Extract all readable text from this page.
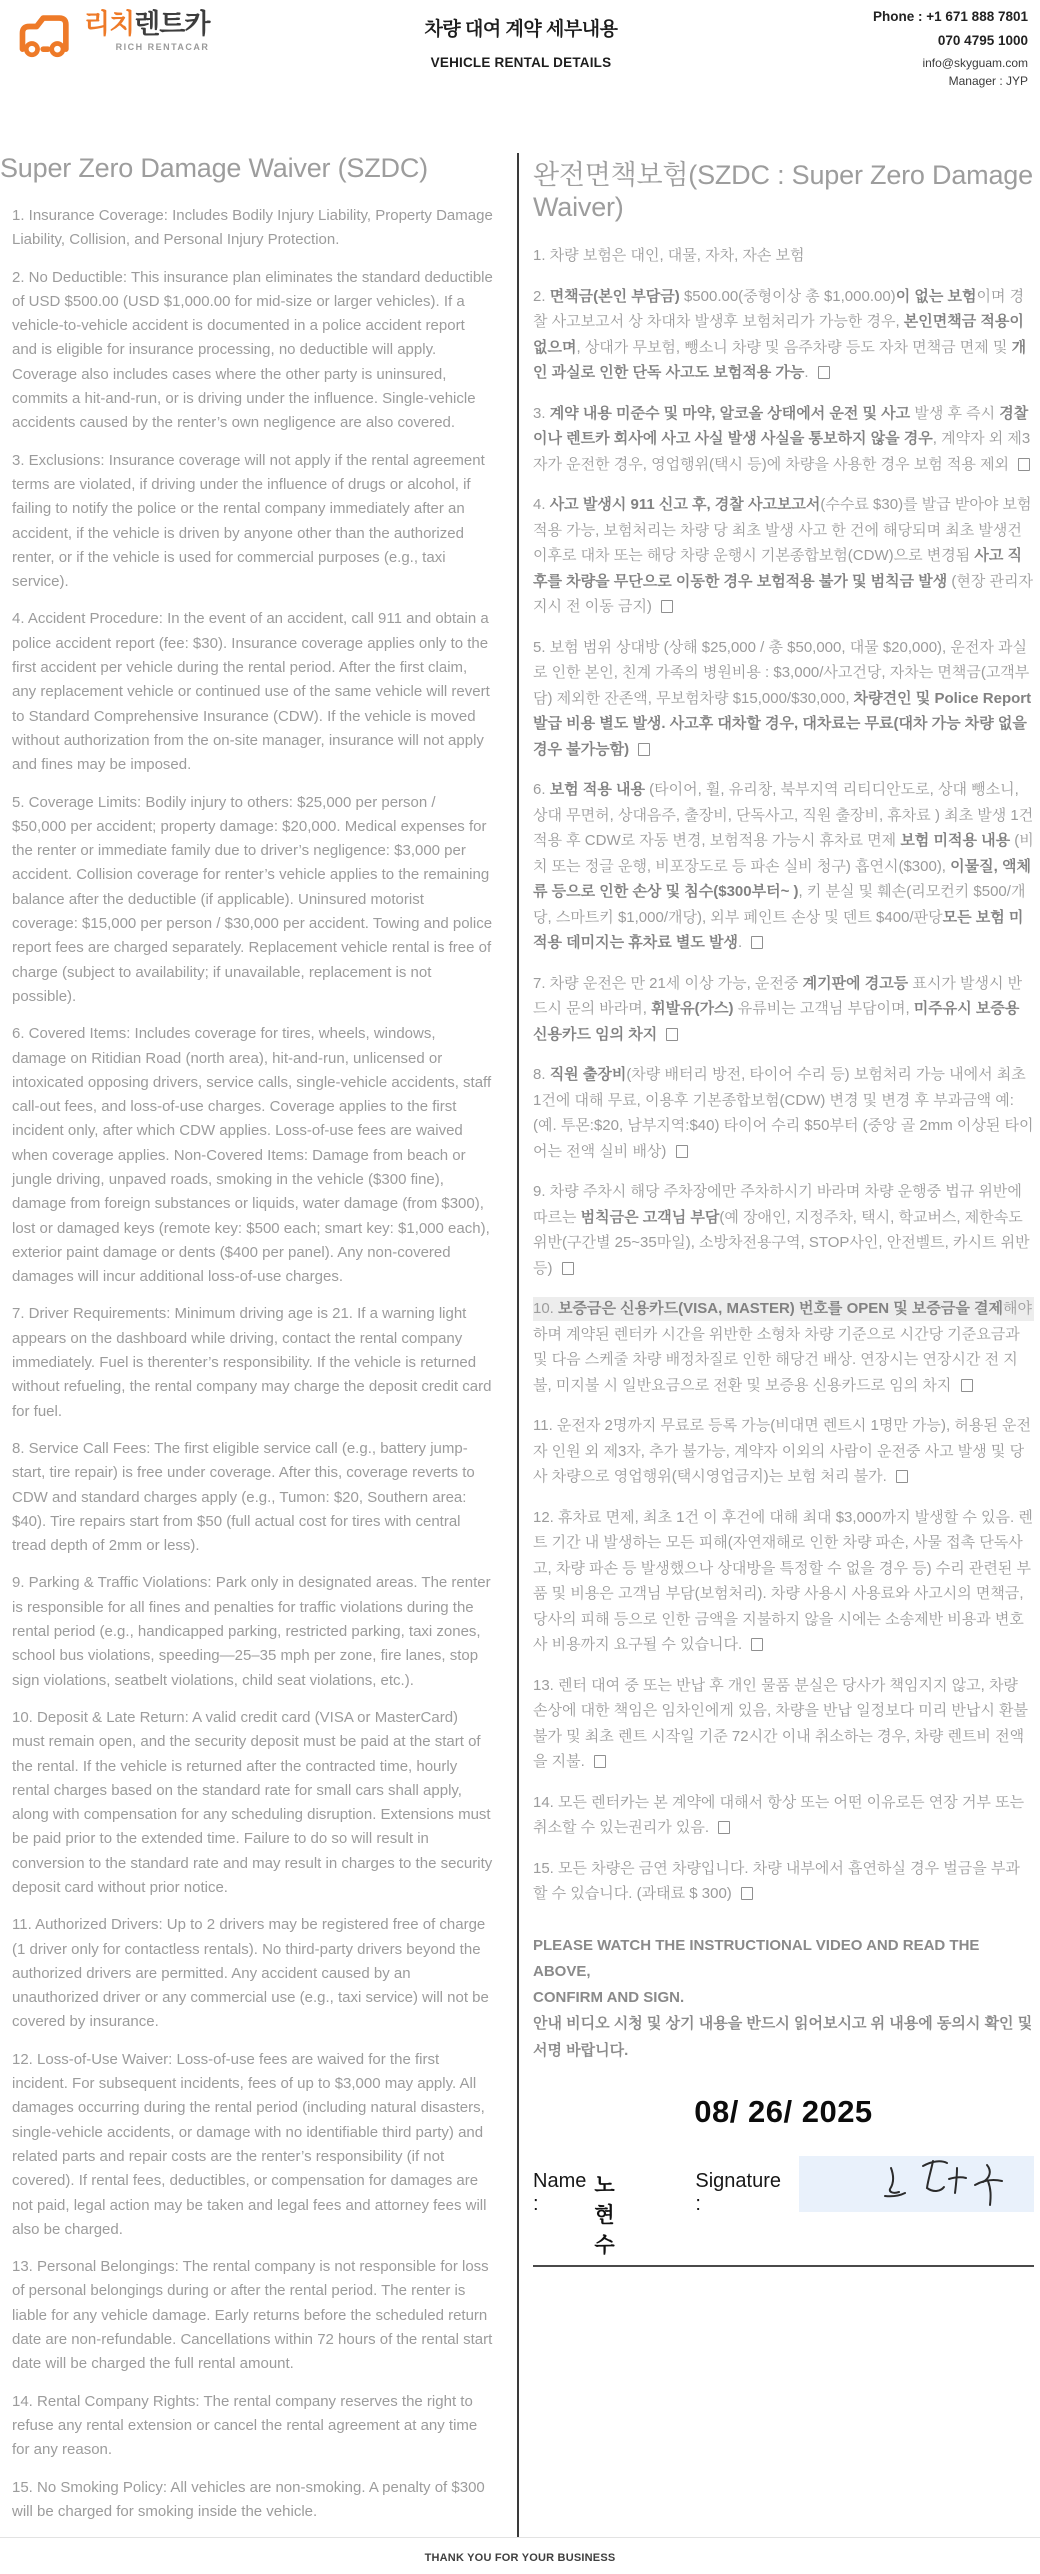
리치렌트카
RICH RENTACAR
차량 대여 계약 세부내용
VEHICLE RENTAL DETAILS
Phone : +1 671 888 7801
070 4795 1000
info@skyguam.com
Manager : JYP
Super Zero Damage Waiver (SZDC)

1. Insurance Coverage: Includes Bodily Injury Liability, Property Damage Liability, Collision, and Personal Injury Protection.

2. No Deductible: This insurance plan eliminates the standard deductible of USD $500.00 (USD $1,000.00 for mid-size or larger vehicles). If a vehicle-to-vehicle accident is documented in a police accident report and is eligible for insurance processing, no deductible will apply. Coverage also includes cases where the other party is uninsured, commits a hit-and-run, or is driving under the influence. Single-vehicle accidents caused by the renter’s own negligence are also covered.

3. Exclusions: Insurance coverage will not apply if the rental agreement terms are violated, if driving under the influence of drugs or alcohol, if failing to notify the police or the rental company immediately after an accident, if the vehicle is driven by anyone other than the authorized renter, or if the vehicle is used for commercial purposes (e.g., taxi service).

4. Accident Procedure: In the event of an accident, call 911 and obtain a police accident report (fee: $30). Insurance coverage applies only to the first accident per vehicle during the rental period. After the first claim, any replacement vehicle or continued use of the same vehicle will revert to Standard Comprehensive Insurance (CDW). If the vehicle is moved without authorization from the on-site manager, insurance will not apply and fines may be imposed.

5. Coverage Limits: Bodily injury to others: $25,000 per person / $50,000 per accident; property damage: $20,000. Medical expenses for the renter or immediate family due to driver’s negligence: $3,000 per accident. Collision coverage for renter’s vehicle applies to the remaining balance after the deductible (if applicable). Uninsured motorist coverage: $15,000 per person / $30,000 per accident. Towing and police report fees are charged separately. Replacement vehicle rental is free of charge (subject to availability; if unavailable, replacement is not possible).

6. Covered Items: Includes coverage for tires, wheels, windows, damage on Ritidian Road (north area), hit-and-run, unlicensed or intoxicated opposing drivers, service calls, single-vehicle accidents, staff call-out fees, and loss-of-use charges. Coverage applies to the first incident only, after which CDW applies. Loss-of-use fees are waived when coverage applies. Non-Covered Items: Damage from beach or jungle driving, unpaved roads, smoking in the vehicle ($300 fine), damage from foreign substances or liquids, water damage (from $300), lost or damaged keys (remote key: $500 each; smart key: $1,000 each), exterior paint damage or dents ($400 per panel). Any non-covered damages will incur additional loss-of-use charges.

7. Driver Requirements: Minimum driving age is 21. If a warning light appears on the dashboard while driving, contact the rental company immediately. Fuel is therenter’s responsibility. If the vehicle is returned without refueling, the rental company may charge the deposit credit card for fuel.

8. Service Call Fees: The first eligible service call (e.g., battery jump-start, tire repair) is free under coverage. After this, coverage reverts to CDW and standard charges apply (e.g., Tumon: $20, Southern area: $40). Tire repairs start from $50 (full actual cost for tires with central tread depth of 2mm or less).

9. Parking & Traffic Violations: Park only in designated areas. The renter is responsible for all fines and penalties for traffic violations during the rental period (e.g., handicapped parking, restricted parking, taxi zones, school bus violations, speeding—25–35 mph per zone, fire lanes, stop sign violations, seatbelt violations, child seat violations, etc.).

10. Deposit & Late Return: A valid credit card (VISA or MasterCard) must remain open, and the security deposit must be paid at the start of the rental. If the vehicle is returned after the contracted time, hourly rental charges based on the standard rate for small cars shall apply, along with compensation for any scheduling disruption. Extensions must be paid prior to the extended time. Failure to do so will result in conversion to the standard rate and may result in charges to the security deposit card without prior notice.

11. Authorized Drivers: Up to 2 drivers may be registered free of charge (1 driver only for contactless rentals). No third-party drivers beyond the authorized drivers are permitted. Any accident caused by an unauthorized driver or any commercial use (e.g., taxi service) will not be covered by insurance.

12. Loss-of-Use Waiver: Loss-of-use fees are waived for the first incident. For subsequent incidents, fees of up to $3,000 may apply. All damages occurring during the rental period (including natural disasters, single-vehicle accidents, or damage with no identifiable third party) and related parts and repair costs are the renter’s responsibility (if not covered). If rental fees, deductibles, or compensation for damages are not paid, legal action may be taken and legal fees and attorney fees will also be charged.

13. Personal Belongings: The rental company is not responsible for loss of personal belongings during or after the rental period. The renter is liable for any vehicle damage. Early returns before the scheduled return date are non-refundable. Cancellations within 72 hours of the rental start date will be charged the full rental amount.

14. Rental Company Rights: The rental company reserves the right to refuse any rental extension or cancel the rental agreement at any time for any reason.

15. No Smoking Policy: All vehicles are non-smoking. A penalty of $300 will be charged for smoking inside the vehicle.

완전면책보험(SZDC : Super Zero Damage Waiver)

1. 차량 보험은 대인, 대물, 자차, 자손 보험

2. 면책금(본인 부담금) $500.00(중형이상 총 $1,000.00)이 없는 보험이며 경찰 사고보고서 상 차대차 발생후 보험처리가 가능한 경우, 본인면책금 적용이 없으며, 상대가 무보험, 뺑소니 차량 및 음주차량 등도 자차 면책금 면제 및 개인 과실로 인한 단독 사고도 보험적용 가능.

3. 계약 내용 미준수 및 마약, 알코올 상태에서 운전 및 사고 발생 후 즉시 경찰이나 렌트카 회사에 사고 사실 발생 사실을 통보하지 않을 경우, 계약자 외 제3자가 운전한 경우, 영업행위(택시 등)에 차량을 사용한 경우 보험 적용 제외

4. 사고 발생시 911 신고 후, 경찰 사고보고서(수수료 $30)를 발급 받아야 보험 적용 가능, 보험처리는 차량 당 최초 발생 사고 한 건에 해당되며 최초 발생건 이후로 대차 또는 해당 차량 운행시 기본종합보험(CDW)으로 변경됨 사고 직후를 차량을 무단으로 이동한 경우 보험적용 불가 및 범칙금 발생 (현장 관리자 지시 전 이동 금지)

5. 보험 범위 상대방 (상해 $25,000 / 총 $50,000, 대물 $20,000), 운전자 과실로 인한 본인, 친계 가족의 병원비용 : $3,000/사고건당, 자차는 면책금(고객부담) 제외한 잔존액, 무보험차량 $15,000/$30,000, 차량견인 및 Police Report 발급 비용 별도 발생. 사고후 대차할 경우, 대차료는 무료(대차 가능 차량 없을 경우 불가능함)

6. 보험 적용 내용 (타이어, 휠, 유리창, 북부지역 리티디안도로, 상대 뺑소니, 상대 무면허, 상대음주, 출장비, 단독사고, 직원 출장비, 휴차료 ) 최초 발생 1건 적용 후 CDW로 자동 변경, 보험적용 가능시 휴차료 면제 보험 미적용 내용 (비치 또는 정글 운행, 비포장도로 등 파손 실비 청구) 흡연시($300), 이물질, 액체류 등으로 인한 손상 및 침수($300부터~ ), 키 분실 및 훼손(리모컨키 $500/개당, 스마트키 $1,000/개당), 외부 페인트 손상 및 덴트 $400/판당모든 보험 미적용 데미지는 휴차료 별도 발생.

7. 차량 운전은 만 21세 이상 가능, 운전중 계기판에 경고등 표시가 발생시 반드시 문의 바라며, 휘발유(가스) 유류비는 고객님 부담이며, 미주유시 보증용 신용카드 임의 차지

8. 직원 출장비(차량 배터리 방전, 타이어 수리 등) 보험처리 가능 내에서 최초 1건에 대해 무료, 이용후 기본종합보험(CDW) 변경 및 변경 후 부과금액 예: (예. 투몬:$20, 남부지역:$40) 타이어 수리 $50부터 (중앙 골 2mm 이상된 타이어는 전액 실비 배상)

9. 차량 주차시 해당 주차장에만 주차하시기 바라며 차량 운행중 법규 위반에 따르는 범칙금은 고객님 부담(예 장애인, 지정주차, 택시, 학교버스, 제한속도위반(구간별 25~35마일), 소방차전용구역, STOP사인, 안전벨트, 카시트 위반 등)

10. 보증금은 신용카드(VISA, MASTER) 번호를 OPEN 및 보증금을 결제해야 하며 계약된 렌터카 시간을 위반한 소형차 차량 기준으로 시간당 기준요금과 및 다음 스케줄 차량 배정차질로 인한 해당건 배상. 연장시는 연장시간 전 지불, 미지불 시 일반요금으로 전환 및 보증용 신용카드로 임의 차지

11. 운전자 2명까지 무료로 등록 가능(비대면 렌트시 1명만 가능), 허용된 운전자 인원 외 제3자, 추가 불가능, 계약자 이외의 사람이 운전중 사고 발생 및 당사 차량으로 영업행위(택시영업금지)는 보험 처리 불가.

12. 휴차료 면제, 최초 1건 이 후건에 대해 최대 $3,000까지 발생할 수 있음. 렌트 기간 내 발생하는 모든 피해(자연재해로 인한 차량 파손, 사물 접촉 단독사고, 차량 파손 등 발생했으나 상대방을 특정할 수 없을 경우 등) 수리 관련된 부품 및 비용은 고객님 부담(보험처리). 차량 사용시 사용료와 사고시의 면책금, 당사의 피해 등으로 인한 금액을 지불하지 않을 시에는 소송제반 비용과 변호사 비용까지 요구될 수 있습니다.

13. 렌터 대여 중 또는 반납 후 개인 물품 분실은 당사가 책임지지 않고, 차량 손상에 대한 책임은 임차인에게 있음, 차량을 반납 일정보다 미리 반납시 환불 불가 및 최초 렌트 시작일 기준 72시간 이내 취소하는 경우, 차량 렌트비 전액을 지불.

14. 모든 렌터카는 본 계약에 대해서 항상 또는 어떤 이유로든 연장 거부 또는 취소할 수 있는권리가 있음.

15. 모든 차량은 금연 차량입니다. 차량 내부에서 흡연하실 경우 벌금을 부과할 수 있습니다. (과태료 $ 300)

PLEASE WATCH THE INSTRUCTIONAL VIDEO AND READ THE ABOVE,
CONFIRM AND SIGN.
안내 비디오 시청 및 상기 내용을 반드시 읽어보시고 위 내용에 동의시 확인 및 서명 바랍니다.
08/ 26/ 2025
Name :
노현수
Signature :
THANK YOU FOR YOUR BUSINESS
